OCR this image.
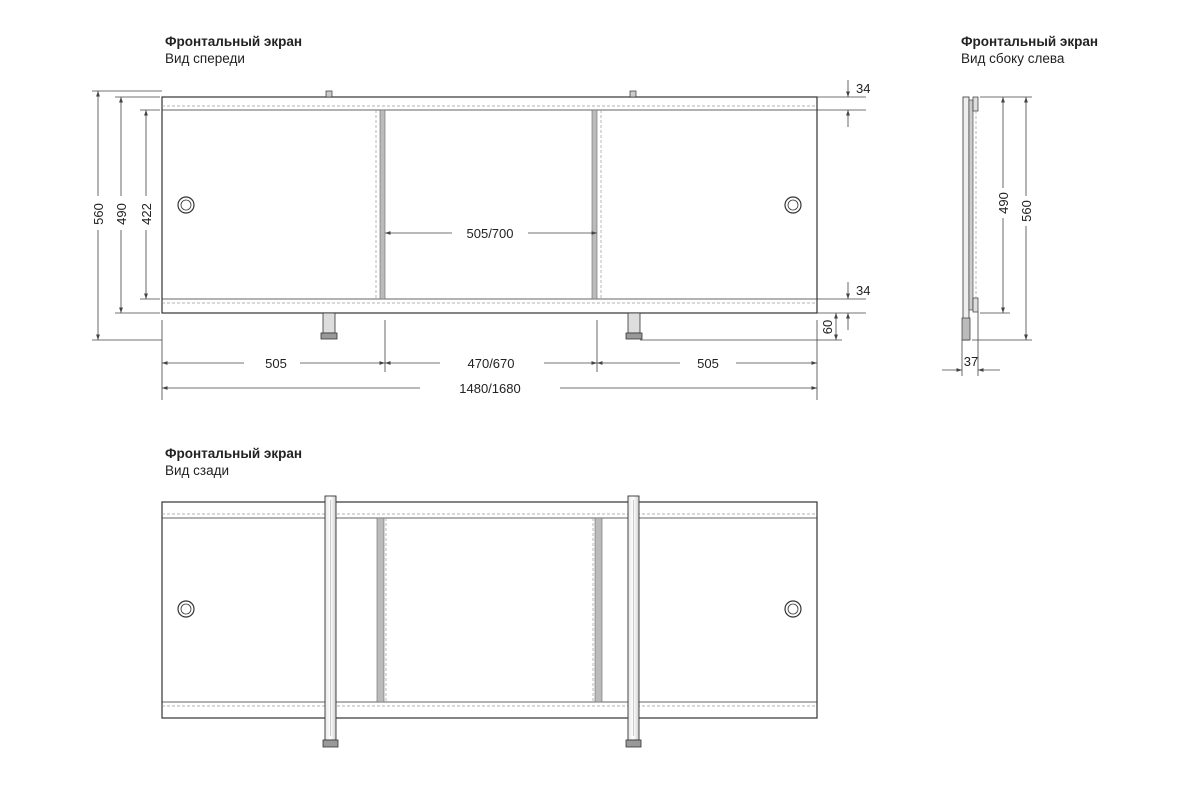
Фронтальный экран
Вид спереди
Фронтальный экран
Вид сбоку слева
Фронтальный экран
Вид сзади
505	470/670	505
1480/1680
505/700
34
34
60
560 490 422
490 560
37
